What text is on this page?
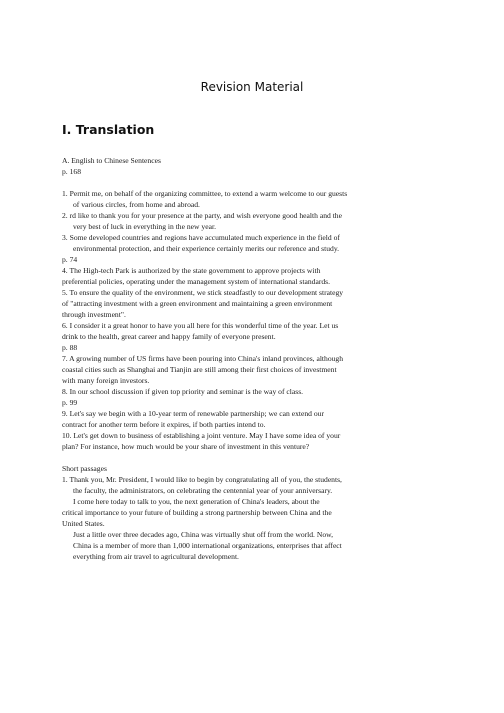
Revision Material
I. Translation

A. English to Chinese Sentences

p. 168

1. Permit me, on behalf of the organizing committee, to extend a warm welcome to our guests

of various circles, from home and abroad.

2. rd like to thank you for your presence at the party, and wish everyone good health and the

very best of luck in everything in the new year.

3. Some developed countries and regions have accumulated much experience in the field of

environmental protection, and their experience certainly merits our reference and study.

p. 74

4. The High-tech Park is authorized by the state government to approve projects with

preferential policies, operating under the management system of international standards.

5. To ensure the quality of the environment, we stick steadfastly to our development strategy

of "attracting investment with a green environment and maintaining a green environment

through investment".

6. I consider it a great honor to have you all here for this wonderful time of the year. Let us

drink to the health, great career and happy family of everyone present.

p. 88

7. A growing number of US firms have been pouring into China's inland provinces, although

coastal cities such as Shanghai and Tianjin are still among their first choices of investment

with many foreign investors.

8. In our school discussion if given top priority and seminar is the way of class.

p. 99

9. Let's say we begin with a 10-year term of renewable partnership; we can extend our

contract for another term before it expires, if both parties intend to.

10. Let's get down to business of establishing a joint venture. May I have some idea of your

plan? For instance, how much would be your share of investment in this venture?

Short passages

1. Thank you, Mr. President, I would like to begin by congratulating all of you, the students,

the faculty, the administrators, on celebrating the centennial year of your anniversary.

I come here today to talk to you, the next generation of China's leaders, about the

critical importance to your future of building a strong partnership between China and the

United States.

Just a little over three decades ago, China was virtually shut off from the world. Now,

China is a member of more than 1,000 international organizations, enterprises that affect

everything from air travel to agricultural development.
